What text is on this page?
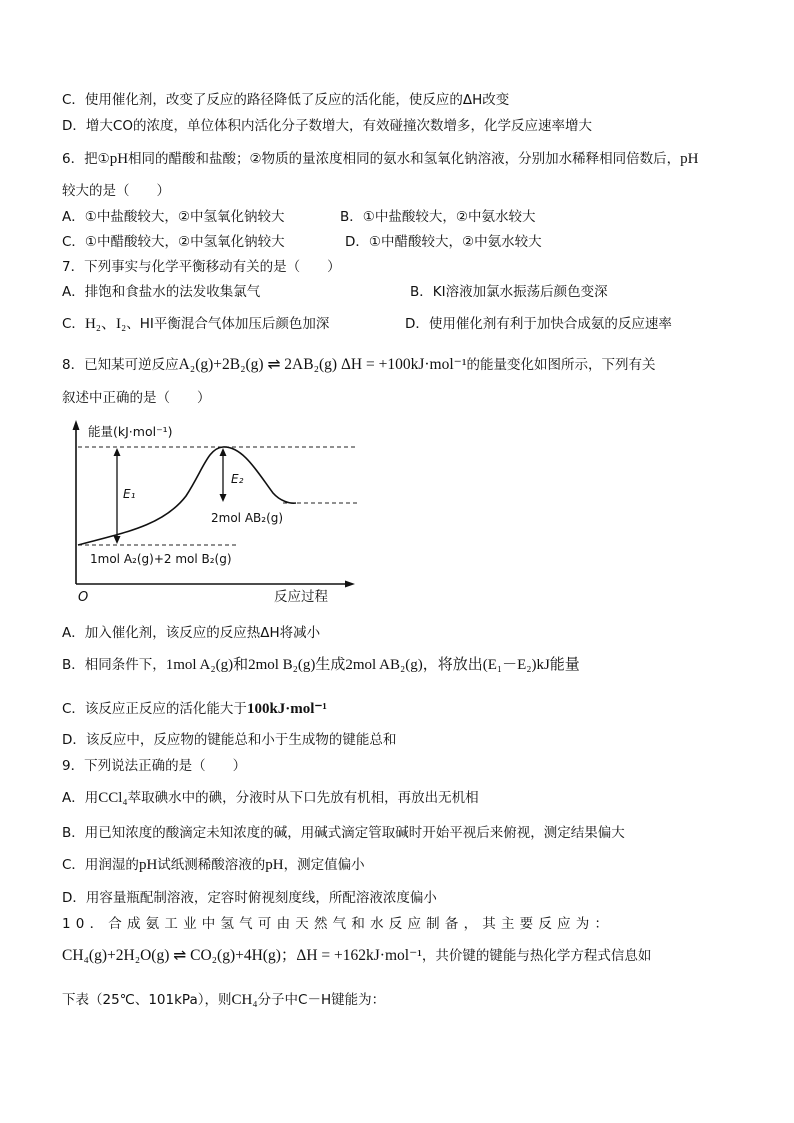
C．使用催化剂，改变了反应的路径降低了反应的活化能，使反应的ΔH改变
D．增大CO的浓度，单位体积内活化分子数增大，有效碰撞次数增多，化学反应速率增大
6．把①pH相同的醋酸和盐酸；②物质的量浓度相同的氨水和氢氧化钠溶液，分别加水稀释相同倍数后，pH
较大的是（　　）
A．①中盐酸较大，②中氢氧化钠较大	B．①中盐酸较大，②中氨水较大
C．①中醋酸较大，②中氢氧化钠较大	D．①中醋酸较大，②中氨水较大
7．下列事实与化学平衡移动有关的是（　　）
A．排饱和食盐水的法发收集氯气	B．KI溶液加氯水振荡后颜色变深
C．H₂、I₂、HI平衡混合气体加压后颜色加深	D．使用催化剂有利于加快合成氨的反应速率
8．已知某可逆反应A₂(g)+2B₂(g) ⇌ 2AB₂(g) ΔH = +100kJ·mol⁻¹的能量变化如图所示，下列有关
叙述中正确的是（　　）
能量(kJ·mol⁻¹)
反应过程
O
E₁
E₂
2mol AB₂(g)
1mol A₂(g)+2 mol B₂(g)
A．加入催化剂，该反应的反应热ΔH将减小
B．相同条件下，1mol A₂(g)和2mol B₂(g)生成2mol AB₂(g)，将放出(E₁－E₂)kJ能量
C．该反应正反应的活化能大于100kJ·mol⁻¹
D．该反应中，反应物的键能总和小于生成物的键能总和
9．下列说法正确的是（　　）
A．用CCl₄萃取碘水中的碘，分液时从下口先放有机相，再放出无机相
B．用已知浓度的酸滴定未知浓度的碱，用碱式滴定管取碱时开始平视后来俯视，测定结果偏大
C．用润湿的pH试纸测稀酸溶液的pH，测定值偏小
D．用容量瓶配制溶液，定容时俯视刻度线，所配溶液浓度偏小
10．合成氨工业中氢气可由天然气和水反应制备，其主要反应为：
CH₄(g)+2H₂O(g) ⇌ CO₂(g)+4H(g)；ΔH = +162kJ·mol⁻¹，共价键的键能与热化学方程式信息如
下表（25℃、101kPa），则CH₄分子中C－H键能为：
